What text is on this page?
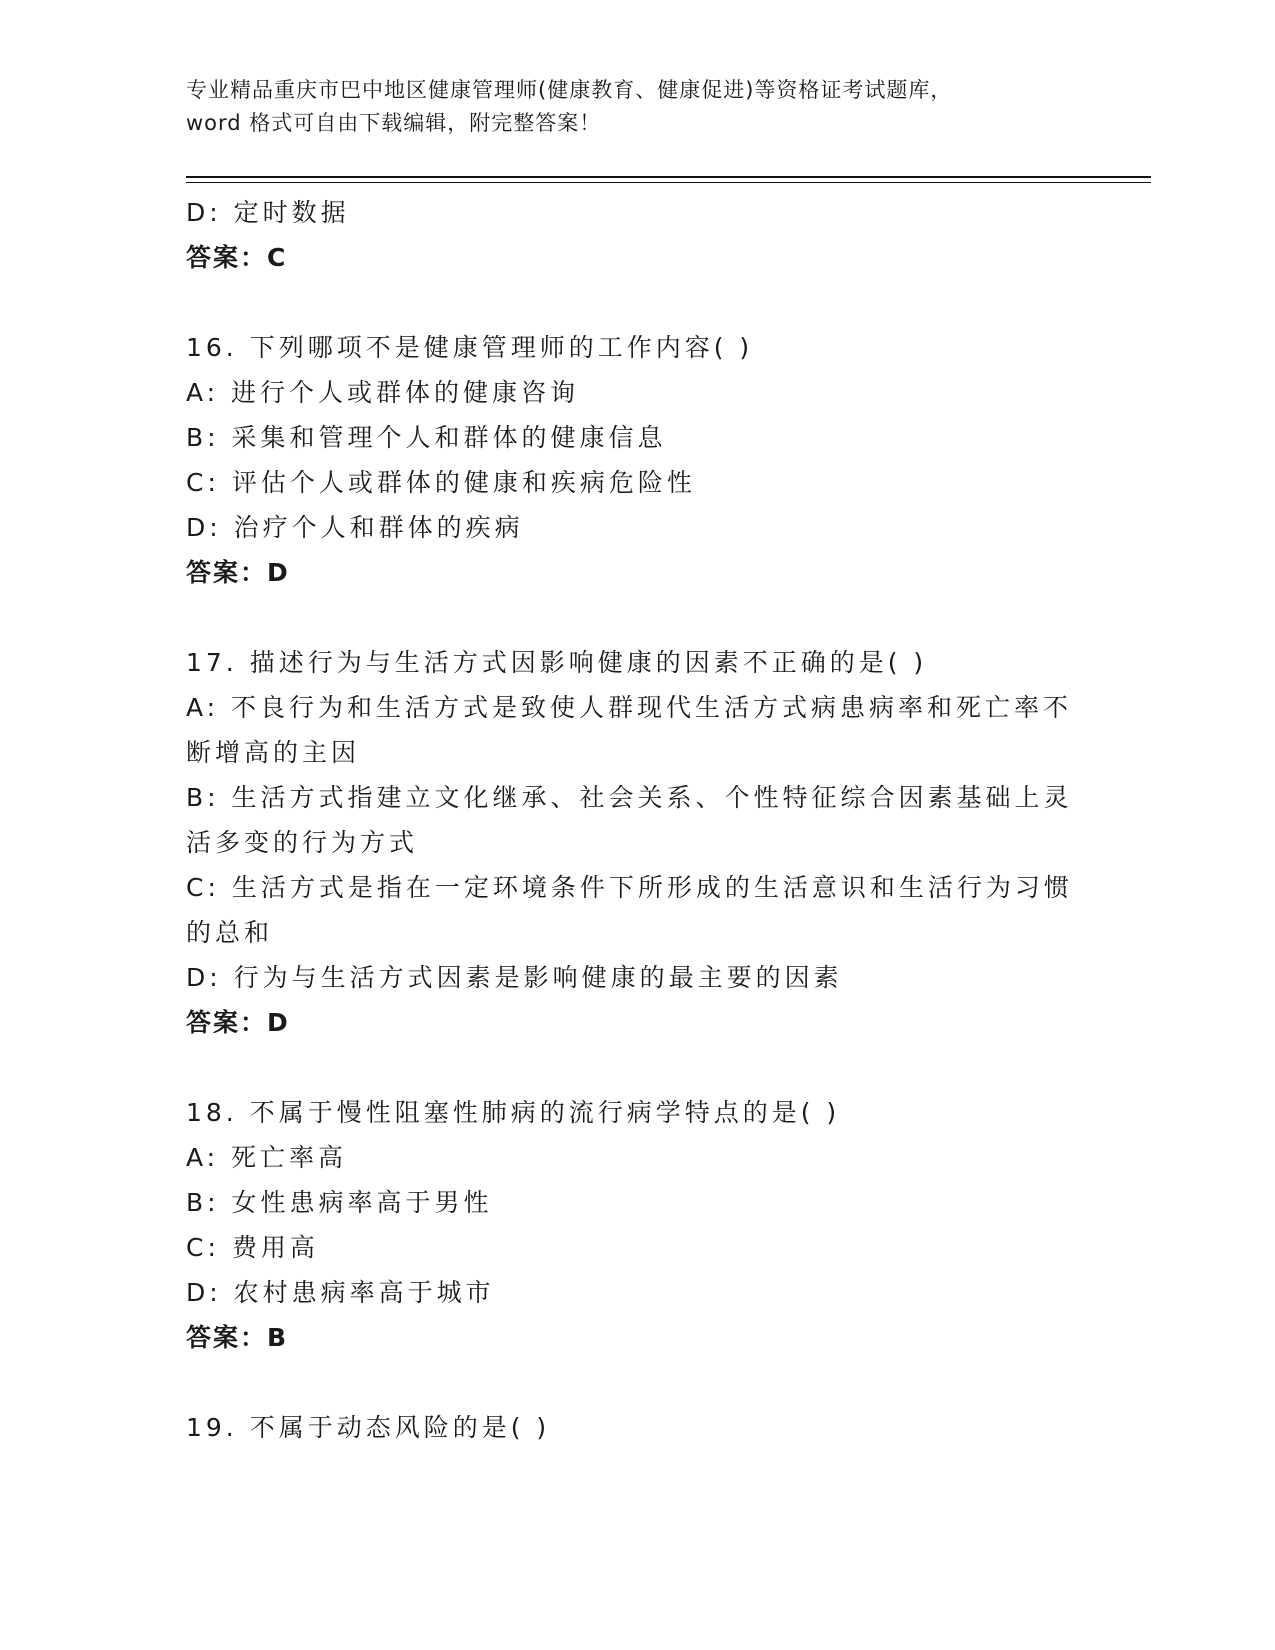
专业精品重庆市巴中地区健康管理师(健康教育、健康促进)等资格证考试题库，
word 格式可自由下载编辑，附完整答案！

D: 定时数据

答案：C

16. 下列哪项不是健康管理师的工作内容( )

A: 进行个人或群体的健康咨询

B: 采集和管理个人和群体的健康信息

C: 评估个人或群体的健康和疾病危险性

D: 治疗个人和群体的疾病

答案：D

17. 描述行为与生活方式因影响健康的因素不正确的是( )

A: 不良行为和生活方式是致使人群现代生活方式病患病率和死亡率不

断增高的主因

B: 生活方式指建立文化继承、社会关系、个性特征综合因素基础上灵

活多变的行为方式

C: 生活方式是指在一定环境条件下所形成的生活意识和生活行为习惯

的总和

D: 行为与生活方式因素是影响健康的最主要的因素

答案：D

18. 不属于慢性阻塞性肺病的流行病学特点的是( )

A: 死亡率高

B: 女性患病率高于男性

C: 费用高

D: 农村患病率高于城市

答案：B

19. 不属于动态风险的是( )
